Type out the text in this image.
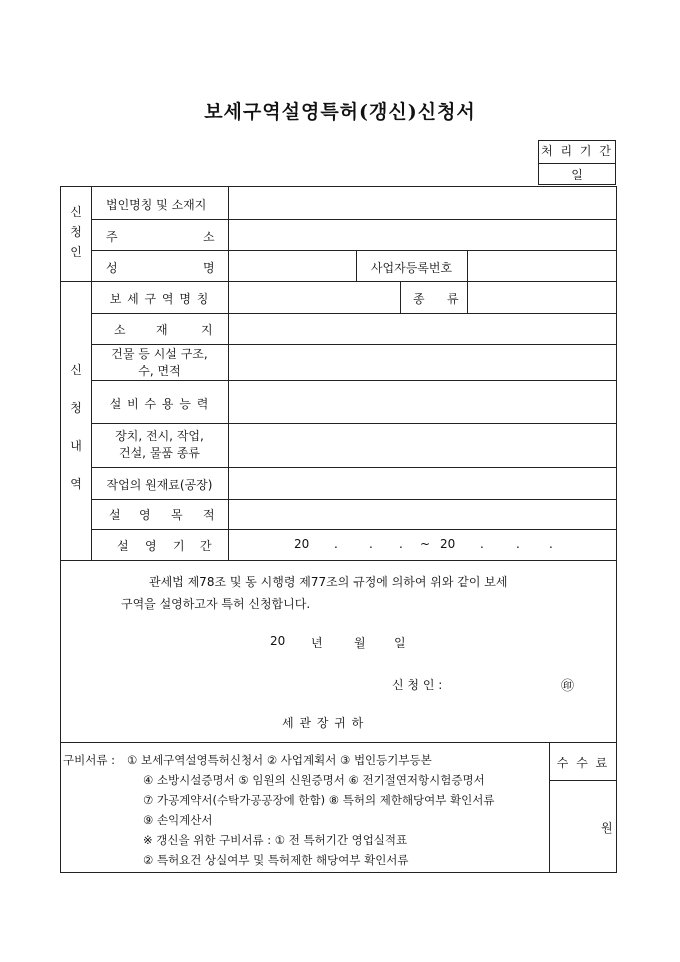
보세구역설영특허(갱신)신청서
처 리 기 간
일
신
청
인
법인명칭 및 소재지
주	소
성	명	사업자등록번호
신
청
내
역
보 세 구 역 명 칭	종 류
소	재	지
건물 등 시설 구조,
수, 면적
설 비 수 용 능 력
장치, 전시, 작업,
건설, 물품 종류
작업의 원재료(공장)
설 영 목 적
설 영 기 간	20 .	. . ~ 20 .	. .
관세법 제78조 및 동 시행령 제77조의 규정에 의하여 위와 같이 보세
구역을 설영하고자 특허 신청합니다.
20 년	월 일
신 청 인 :	㊞
세 관 장 귀 하
구비서류 : ① 보세구역설영특허신청서 ② 사업계획서 ③ 법인등기부등본
④ 소방시설증명서 ⑤ 임원의 신원증명서 ⑥ 전기절연저항시험증명서
⑦ 가공계약서(수탁가공공장에 한함) ⑧ 특허의 제한해당여부 확인서류
⑨ 손익계산서
※ 갱신을 위한 구비서류 : ① 전 특허기간 영업실적표
② 특허요건 상실여부 및 특허제한 해당여부 확인서류
수 수 료
원
